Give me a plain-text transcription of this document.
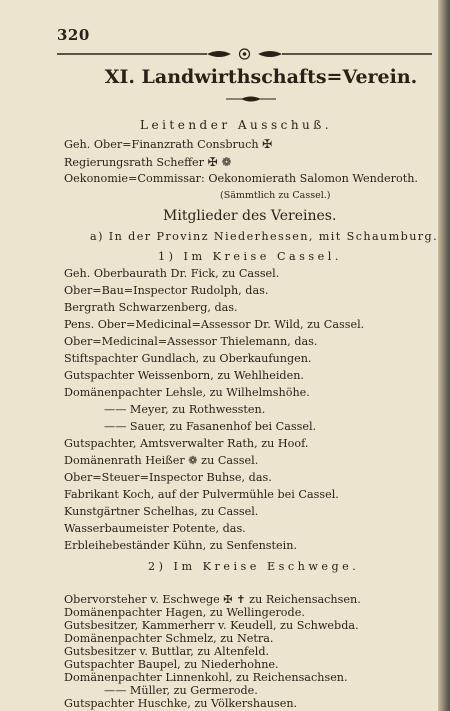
320
XI. Landwirthschafts=Verein.
Leitender Ausschuß.
Geh. Ober=Finanzrath Consbruch ✠
Regierungsrath Scheffer ✠ ❁
Oekonomie=Commissar: Oekonomierath Salomon Wenderoth.
(Sämmtlich zu Cassel.)
Mitglieder des Vereines.
a) In der Provinz Niederhessen, mit Schaumburg.
1) Im Kreise Cassel.
Geh. Oberbaurath Dr. Fick, zu Cassel.
Ober=Bau=Inspector Rudolph, das.
Bergrath Schwarzenberg, das.
Pens. Ober=Medicinal=Assessor Dr. Wild, zu Cassel.
Ober=Medicinal=Assessor Thielemann, das.
Stiftspachter Gundlach, zu Oberkaufungen.
Gutspachter Weissenborn, zu Wehlheiden.
Domänenpachter Lehsle, zu Wilhelmshöhe.
—— Meyer, zu Rothwessten.
—— Sauer, zu Fasanenhof bei Cassel.
Gutspachter, Amtsverwalter Rath, zu Hoof.
Domänenrath Heißer ❁ zu Cassel.
Ober=Steuer=Inspector Buhse, das.
Fabrikant Koch, auf der Pulvermühle bei Cassel.
Kunstgärtner Schelhas, zu Cassel.
Wasserbaumeister Potente, das.
Erbleihebeständer Kühn, zu Senfenstein.
2) Im Kreise Eschwege.
Obervorsteher v. Eschwege ✠ ✝ zu Reichensachsen.
Domänenpachter Hagen, zu Wellingerode.
Gutsbesitzer, Kammerherr v. Keudell, zu Schwebda.
Domänenpachter Schmelz, zu Netra.
Gutsbesitzer v. Buttlar, zu Altenfeld.
Gutspachter Baupel, zu Niederhohne.
Domänenpachter Linnenkohl, zu Reichensachsen.
—— Müller, zu Germerode.
Gutspachter Huschke, zu Völkershausen.
